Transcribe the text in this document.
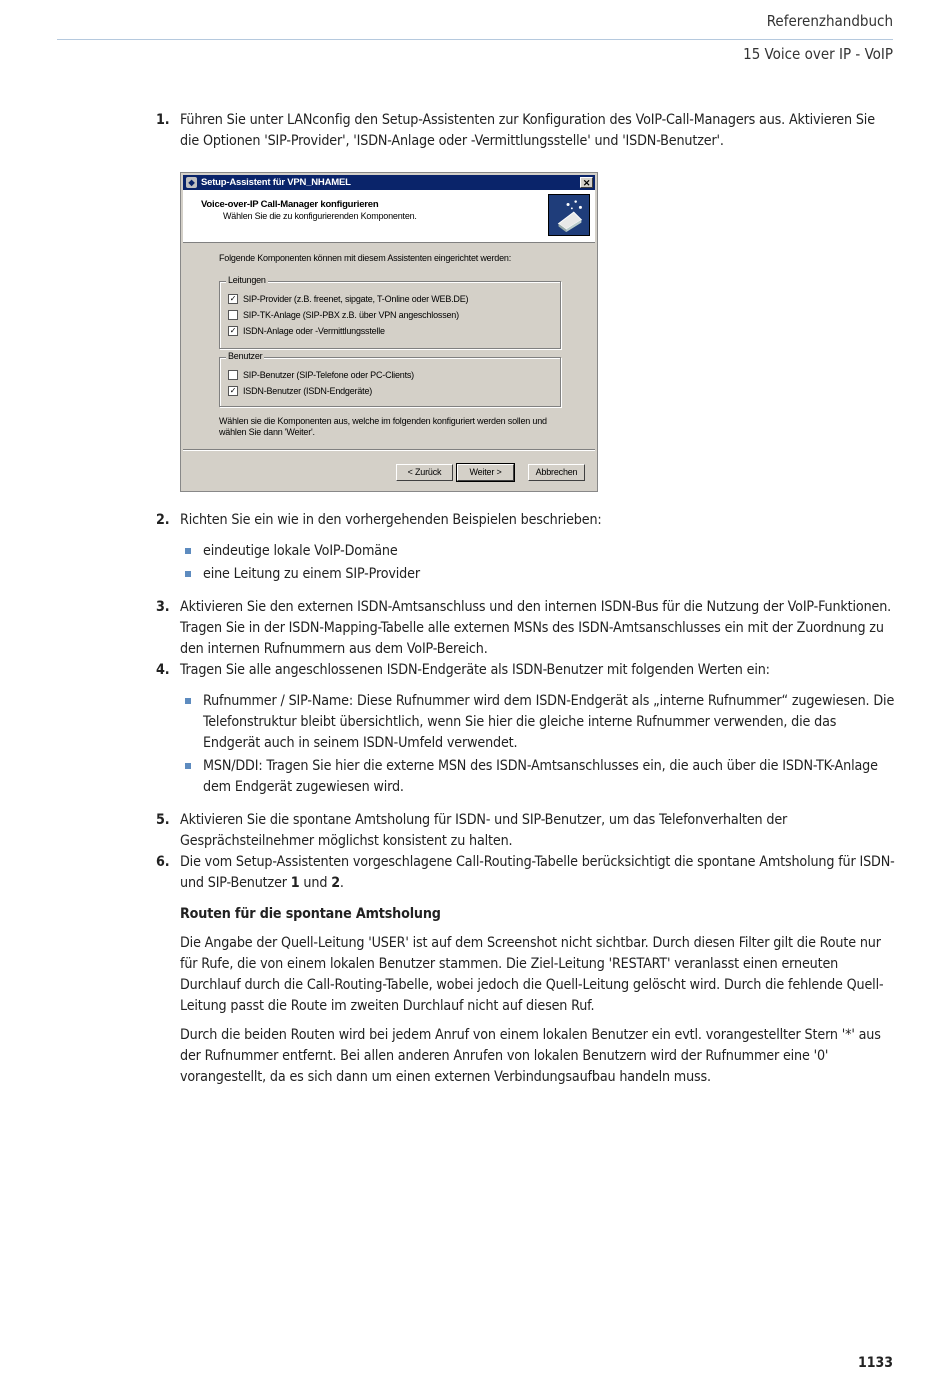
Referenzhandbuch
15 Voice over IP - VoIP
1. Führen Sie unter LANconfig den Setup-Assistenten zur Konfiguration des VoIP-Call-Managers aus. Aktivieren Sie die Optionen 'SIP-Provider', 'ISDN-Anlage oder -Vermittlungsstelle' und 'ISDN-Benutzer'.

2. Richten Sie ein wie in den vorhergehenden Beispielen beschrieben:

eindeutige lokale VoIP-Domäne
eine Leitung zu einem SIP-Provider
3. Aktivieren Sie den externen ISDN-Amtsanschluss und den internen ISDN-Bus für die Nutzung der VoIP-Funktionen. Tragen Sie in der ISDN-Mapping-Tabelle alle externen MSNs des ISDN-Amtsanschlusses ein mit der Zuordnung zu den internen Rufnummern aus dem VoIP-Bereich.

4. Tragen Sie alle angeschlossenen ISDN-Endgeräte als ISDN-Benutzer mit folgenden Werten ein:

Rufnummer / SIP-Name: Diese Rufnummer wird dem ISDN-Endgerät als „interne Rufnummer“ zugewiesen. Die Telefonstruktur bleibt übersichtlich, wenn Sie hier die gleiche interne Rufnummer verwenden, die das Endgerät auch in seinem ISDN-Umfeld verwendet.
MSN/DDI: Tragen Sie hier die externe MSN des ISDN-Amtsanschlusses ein, die auch über die ISDN-TK-Anlage dem Endgerät zugewiesen wird.
5. Aktivieren Sie die spontane Amtsholung für ISDN- und SIP-Benutzer, um das Telefonverhalten der Gesprächsteilnehmer möglichst konsistent zu halten.

6. Die vom Setup-Assistenten vorgeschlagene Call-Routing-Tabelle berücksichtigt die spontane Amtsholung für ISDN- und SIP-Benutzer 1 und 2.

Routen für die spontane Amtsholung

Die Angabe der Quell-Leitung 'USER' ist auf dem Screenshot nicht sichtbar. Durch diesen Filter gilt die Route nur für Rufe, die von einem lokalen Benutzer stammen. Die Ziel-Leitung 'RESTART' veranlasst einen erneuten Durchlauf durch die Call-Routing-Tabelle, wobei jedoch die Quell-Leitung gelöscht wird. Durch die fehlende Quell-Leitung passt die Route im zweiten Durchlauf nicht auf diesen Ruf.

Durch die beiden Routen wird bei jedem Anruf von einem lokalen Benutzer ein evtl. vorangestellter Stern '*' aus der Rufnummer entfernt. Bei allen anderen Anrufen von lokalen Benutzern wird der Rufnummer eine '0' vorangestellt, da es sich dann um einen externen Verbindungsaufbau handeln muss.

◆ Setup-Assistent für VPN_NHAMEL	✕
Voice-over-IP Call-Manager konfigurieren
Wählen Sie die zu konfigurierenden Komponenten.
Folgende Komponenten können mit diesem Assistenten eingerichtet werden:
Leitungen
✓ SIP-Provider (z.B. freenet, sipgate, T-Online oder WEB.DE)
SIP-TK-Anlage (SIP-PBX z.B. über VPN angeschlossen)
✓ ISDN-Anlage oder -Vermittlungsstelle
Benutzer
SIP-Benutzer (SIP-Telefone oder PC-Clients)
✓ ISDN-Benutzer (ISDN-Endgeräte)
Wählen sie die Komponenten aus, welche im folgenden konfiguriert werden sollen und wählen Sie dann 'Weiter'.
< Zurück	Weiter >	Abbrechen
1133
